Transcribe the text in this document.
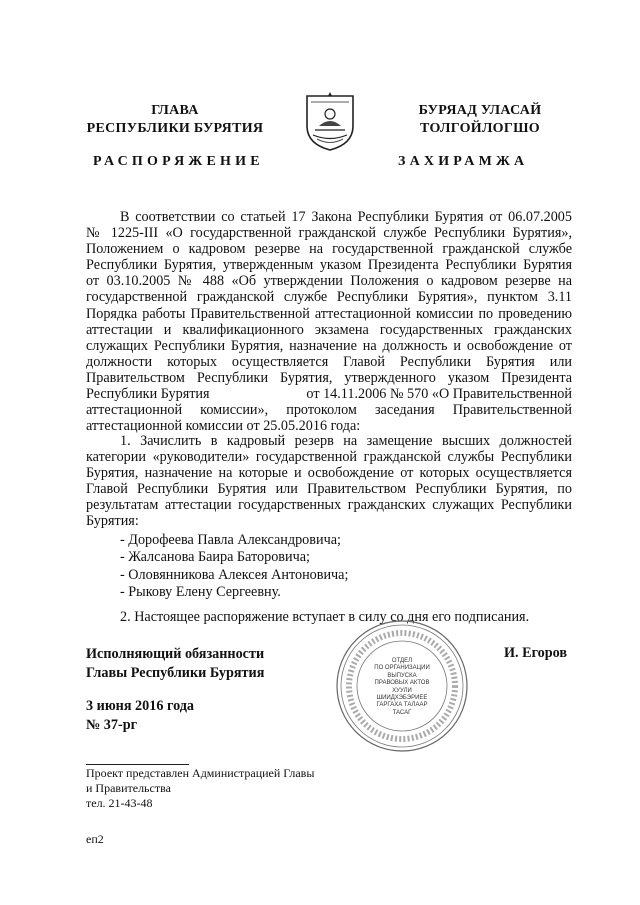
ГЛАВА
РЕСПУБЛИКИ БУРЯТИЯ
БУРЯАД УЛАСАЙ
ТОЛГОЙЛОГШО
РАСПОРЯЖЕНИЕ	ЗАХИРАМЖА
В соответствии со статьей 17 Закона Республики Бурятия от 06.07.2005
№ 1225-III «О государственной гражданской службе Республики Бурятия»,
Положением о кадровом резерве на государственной гражданской службе
Республики Бурятия, утвержденным указом Президента Республики Бурятия
от 03.10.2005 № 488 «Об утверждении Положения о кадровом резерве на
государственной гражданской службе Республики Бурятия», пунктом 3.11
Порядка работы Правительственной аттестационной комиссии по проведению
аттестации и квалификационного экзамена государственных гражданских
служащих Республики Бурятия, назначение на должность и освобождение от
должности которых осуществляется Главой Республики Бурятия или
Правительством Республики Бурятия, утвержденного указом Президента
Республики Бурятия	от 14.11.2006 № 570 «О Правительственной
аттестационной комиссии», протоколом заседания Правительственной
аттестационной комиссии от 25.05.2016 года:
1. Зачислить в кадровый резерв на замещение высших должностей
категории «руководители» государственной гражданской службы Республики
Бурятия, назначение на которые и освобождение от которых осуществляется
Главой Республики Бурятия или Правительством Республики Бурятия, по
результатам аттестации государственных гражданских служащих Республики
Бурятия:
- Дорофеева Павла Александровича;
- Жалсанова Баира Баторовича;
- Оловянникова Алексея Антоновича;
- Рыкову Елену Сергеевну.
2. Настоящее распоряжение вступает в силу со дня его подписания.
Исполняющий обязанности
Главы Республики Бурятия
И. Егоров
ОТДЕЛ
ПО ОРГАНИЗАЦИИ
ВЫПУСКА
ПРАВОВЫХ АКТОВ
ХУУЛИ
ШИИДХЭБЭРИЕЕ
ГАРГАХА ТАЛААР
ТАСАГ
3 июня 2016 года
№ 37-рг
Проект представлен Администрацией Главы
и Правительства
тел. 21-43-48
еп2
